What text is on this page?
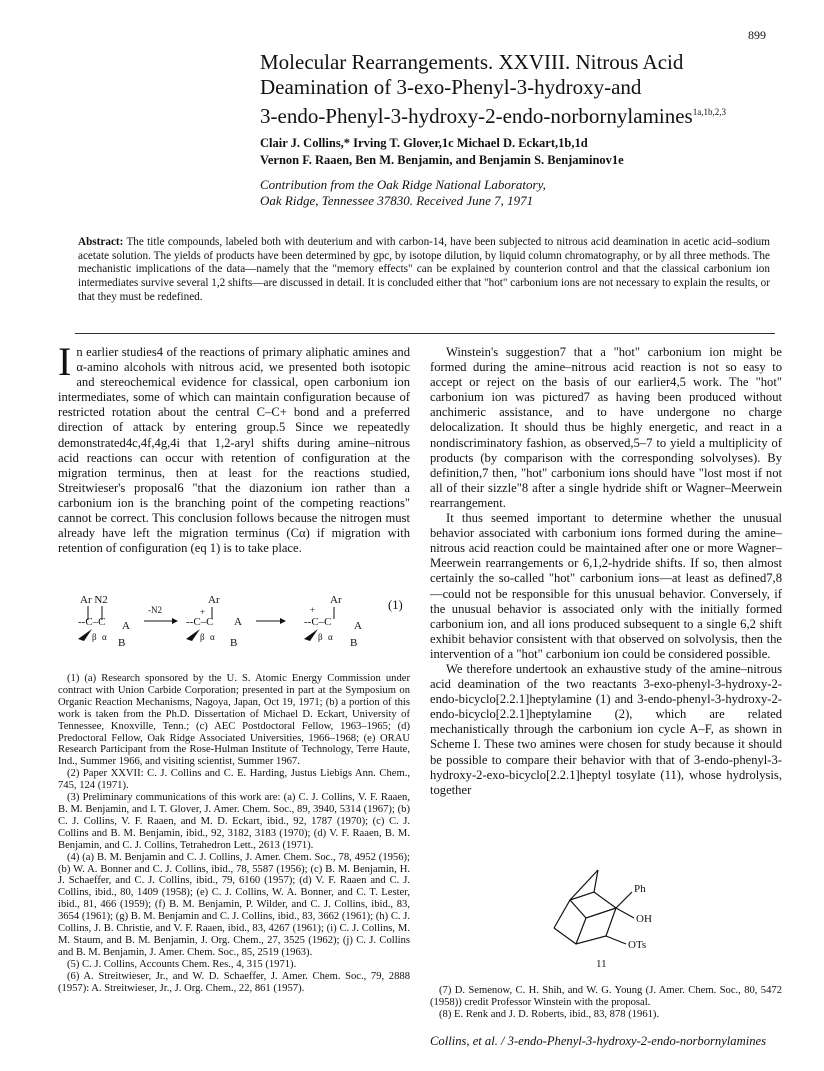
899
Molecular Rearrangements. XXVIII. Nitrous Acid
Deamination of 3-exo-Phenyl-3-hydroxy-and
3-endo-Phenyl-3-hydroxy-2-endo-norbornylamines$^{1a,1b,2,3}$
Clair J. Collins,* Irving T. Glover,1c Michael D. Eckart,1b,1d
Vernon F. Raaen, Ben M. Benjamin, and Benjamin S. Benjaminov1e
Contribution from the Oak Ridge National Laboratory,
Oak Ridge, Tennessee 37830. Received June 7, 1971
Abstract: The title compounds, labeled both with deuterium and with carbon-14, have been subjected to nitrous acid deamination in acetic acid–sodium acetate solution. The yields of products have been determined by gpc, by isotope dilution, by liquid column chromatography, or by all three methods. The mechanistic implications of the data—namely that the "memory effects" can be explained by counterion control and that the classical carbonium ion intermediates survive several 1,2 shifts—are discussed in detail. It is concluded either that "hot" carbonium ions are not necessary to explain the results, or that they must be redefined.

In earlier studies4 of the reactions of primary aliphatic amines and α-amino alcohols with nitrous acid, we presented both isotopic and stereochemical evidence for classical, open carbonium ion intermediates, some of which can maintain configuration because of restricted rotation about the central C–C+ bond and a preferred direction of attack by entering group.5 Since we repeatedly demonstrated4c,4f,4g,4i that 1,2-aryl shifts during amine–nitrous acid reactions can occur with retention of configuration at the migration terminus, then at least for the reactions studied, Streitwieser's proposal6 "that the diazonium ion rather than a carbonium ion is the branching point of the competing reactions" cannot be correct. This conclusion follows because the nitrogen must already have left the migration terminus (Cα) if migration with retention of configuration (eq 1) is to take place.

Ar N2
--C–C A
B
β α
-N2
Ar
+
--C–C A
B
β α
Ar
+
--C–C A
B
β α
(1)

(1) (a) Research sponsored by the U. S. Atomic Energy Commission under contract with Union Carbide Corporation; presented in part at the Symposium on Organic Reaction Mechanisms, Nagoya, Japan, Oct 19, 1971; (b) a portion of this work is taken from the Ph.D. Dissertation of Michael D. Eckart, University of Tennessee, Knoxville, Tenn.; (c) AEC Postdoctoral Fellow, 1963–1965; (d) Predoctoral Fellow, Oak Ridge Associated Universities, 1966–1968; (e) ORAU Research Participant from the Rose-Hulman Institute of Technology, Terre Haute, Ind., Summer 1966, and visiting scientist, Summer 1967.

(2) Paper XXVII: C. J. Collins and C. E. Harding, Justus Liebigs Ann. Chem., 745, 124 (1971).

(3) Preliminary communications of this work are: (a) C. J. Collins, V. F. Raaen, B. M. Benjamin, and I. T. Glover, J. Amer. Chem. Soc., 89, 3940, 5314 (1967); (b) C. J. Collins, V. F. Raaen, and M. D. Eckart, ibid., 92, 1787 (1970); (c) C. J. Collins and B. M. Benjamin, ibid., 92, 3182, 3183 (1970); (d) V. F. Raaen, B. M. Benjamin, and C. J. Collins, Tetrahedron Lett., 2613 (1971).

(4) (a) B. M. Benjamin and C. J. Collins, J. Amer. Chem. Soc., 78, 4952 (1956); (b) W. A. Bonner and C. J. Collins, ibid., 78, 5587 (1956); (c) B. M. Benjamin, H. J. Schaeffer, and C. J. Collins, ibid., 79, 6160 (1957); (d) V. F. Raaen and C. J. Collins, ibid., 80, 1409 (1958); (e) C. J. Collins, W. A. Bonner, and C. T. Lester, ibid., 81, 466 (1959); (f) B. M. Benjamin, P. Wilder, and C. J. Collins, ibid., 83, 3654 (1961); (g) B. M. Benjamin and C. J. Collins, ibid., 83, 3662 (1961); (h) C. J. Collins, J. B. Christie, and V. F. Raaen, ibid., 83, 4267 (1961); (i) C. J. Collins, M. M. Staum, and B. M. Benjamin, J. Org. Chem., 27, 3525 (1962); (j) C. J. Collins and B. M. Benjamin, J. Amer. Chem. Soc., 85, 2519 (1963).

(5) C. J. Collins, Accounts Chem. Res., 4, 315 (1971).

(6) A. Streitwieser, Jr., and W. D. Schaeffer, J. Amer. Chem. Soc., 79, 2888 (1957): A. Streitwieser, Jr., J. Org. Chem., 22, 861 (1957).

Winstein's suggestion7 that a "hot" carbonium ion might be formed during the amine–nitrous acid reaction is not so easy to accept or reject on the basis of our earlier4,5 work. The "hot" carbonium ion was pictured7 as having been produced without anchimeric assistance, and to have undergone no charge delocalization. It should thus be highly energetic, and react in a nondiscriminatory fashion, as observed,5–7 to yield a multiplicity of products (by comparison with the corresponding solvolyses). By definition,7 then, "hot" carbonium ions should have "lost most if not all of their sizzle"8 after a single hydride shift or Wagner–Meerwein rearrangement.

It thus seemed important to determine whether the unusual behavior associated with carbonium ions formed during the amine–nitrous acid reaction could be maintained after one or more Wagner–Meerwein rearrangements or 6,1,2-hydride shifts. If so, then almost certainly the so-called "hot" carbonium ions—at least as defined7,8—could not be responsible for this unusual behavior. Conversely, if the unusual behavior is associated only with the initially formed carbonium ion, and all ions produced subsequent to a single 6,2 shift exhibit behavior consistent with that observed on solvolysis, then the intervention of a "hot" carbonium ion could be considered possible.

We therefore undertook an exhaustive study of the amine–nitrous acid deamination of the two reactants 3-exo-phenyl-3-hydroxy-2-endo-bicyclo[2.2.1]heptylamine (1) and 3-endo-phenyl-3-hydroxy-2-endo-bicyclo[2.2.1]heptylamine (2), which are related mechanistically through the carbonium ion cycle A–F, as shown in Scheme I. These two amines were chosen for study because it should be possible to compare their behavior with that of 3-endo-phenyl-3-hydroxy-2-exo-bicyclo[2.2.1]heptyl tosylate (11), whose hydrolysis, together

Ph
OH
OTs
11

(7) D. Semenow, C. H. Shih, and W. G. Young (J. Amer. Chem. Soc., 80, 5472 (1958)) credit Professor Winstein with the proposal.

(8) E. Renk and J. D. Roberts, ibid., 83, 878 (1961).

Collins, et al. / 3-endo-Phenyl-3-hydroxy-2-endo-norbornylamines
